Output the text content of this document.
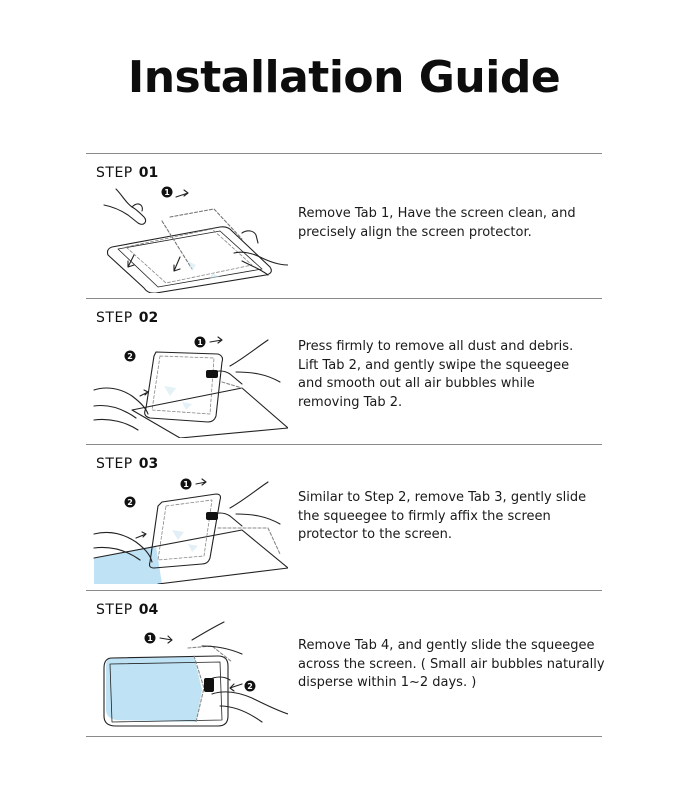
Installation Guide
STEP 01
1
Remove Tab 1, Have the screen clean, and
precisely align the screen protector.
STEP 02
1
2
Press firmly to remove all dust and debris.
Lift Tab 2, and gently swipe the squeegee
and smooth out all air bubbles while
removing Tab 2.
STEP 03
1
2	Similar to Step 2, remove Tab 3, gently slide
the squeegee to firmly affix the screen
protector to the screen.
STEP 04
1
2
Remove Tab 4, and gently slide the squeegee
across the screen. ( Small air bubbles naturally
disperse within 1~2 days. )
